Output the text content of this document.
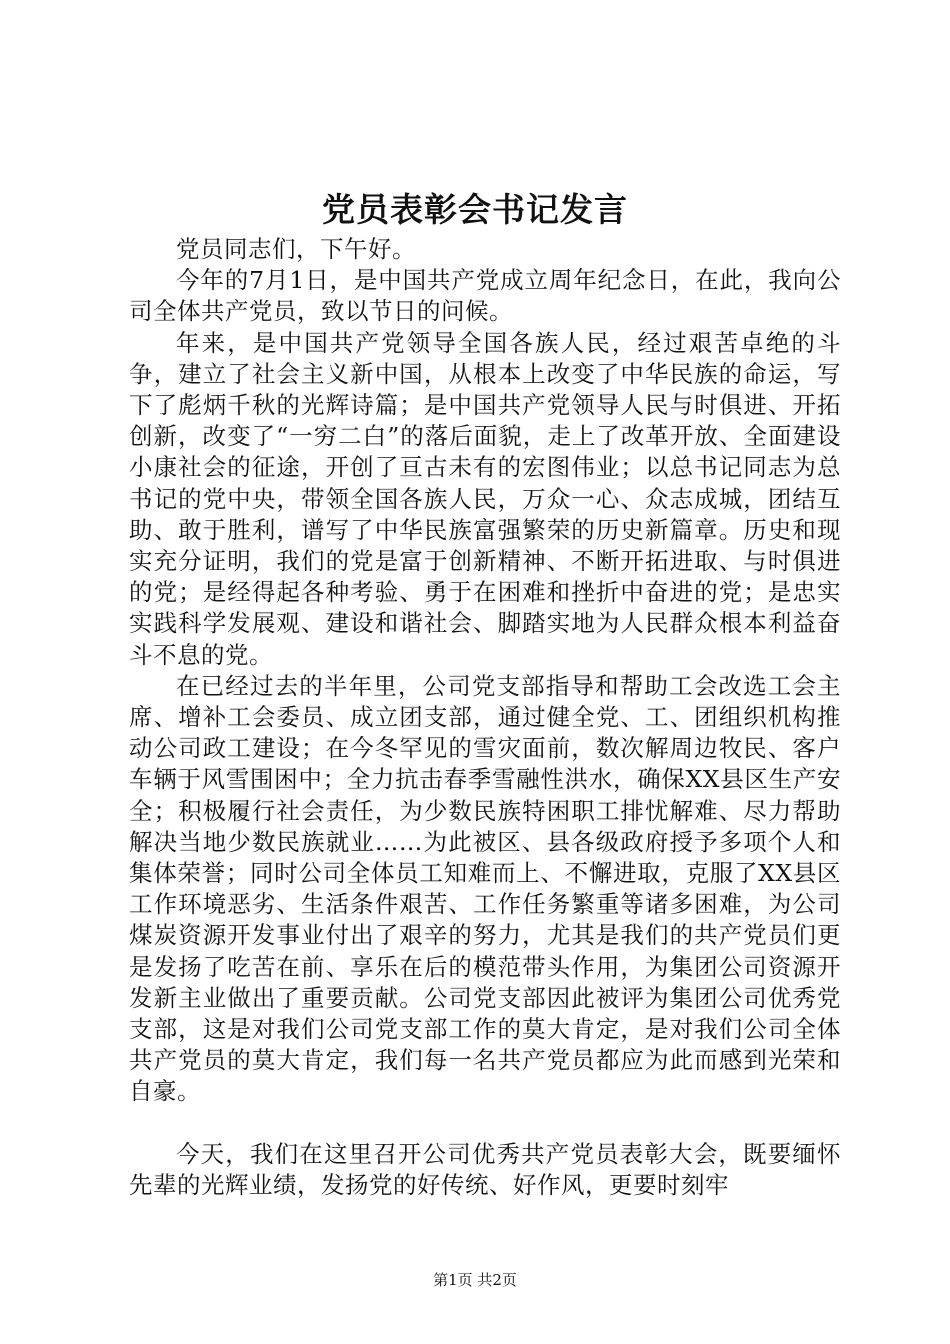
党员表彰会书记发言

党员同志们，下午好。

今年的7月1日，是中国共产党成立周年纪念日，在此，我向公司全体共产党员，致以节日的问候。

年来，是中国共产党领导全国各族人民，经过艰苦卓绝的斗争，建立了社会主义新中国，从根本上改变了中华民族的命运，写下了彪炳千秋的光辉诗篇；是中国共产党领导人民与时俱进、开拓创新，改变了“一穷二白”的落后面貌，走上了改革开放、全面建设小康社会的征途，开创了亘古未有的宏图伟业；以总书记同志为总书记的党中央，带领全国各族人民，万众一心、众志成城，团结互助、敢于胜利，谱写了中华民族富强繁荣的历史新篇章。历史和现实充分证明，我们的党是富于创新精神、不断开拓进取、与时俱进的党；是经得起各种考验、勇于在困难和挫折中奋进的党；是忠实实践科学发展观、建设和谐社会、脚踏实地为人民群众根本利益奋斗不息的党。

在已经过去的半年里，公司党支部指导和帮助工会改选工会主席、增补工会委员、成立团支部，通过健全党、工、团组织机构推动公司政工建设；在今冬罕见的雪灾面前，数次解周边牧民、客户车辆于风雪围困中；全力抗击春季雪融性洪水，确保XX县区生产安全；积极履行社会责任，为少数民族特困职工排忧解难、尽力帮助解决当地少数民族就业……为此被区、县各级政府授予多项个人和集体荣誉；同时公司全体员工知难而上、不懈进取，克服了XX县区工作环境恶劣、生活条件艰苦、工作任务繁重等诸多困难，为公司煤炭资源开发事业付出了艰辛的努力，尤其是我们的共产党员们更是发扬了吃苦在前、享乐在后的模范带头作用，为集团公司资源开发新主业做出了重要贡献。公司党支部因此被评为集团公司优秀党支部，这是对我们公司党支部工作的莫大肯定，是对我们公司全体共产党员的莫大肯定，我们每一名共产党员都应为此而感到光荣和自豪。

今天，我们在这里召开公司优秀共产党员表彰大会，既要缅怀先辈的光辉业绩，发扬党的好传统、好作风，更要时刻牢

第1页 共2页
